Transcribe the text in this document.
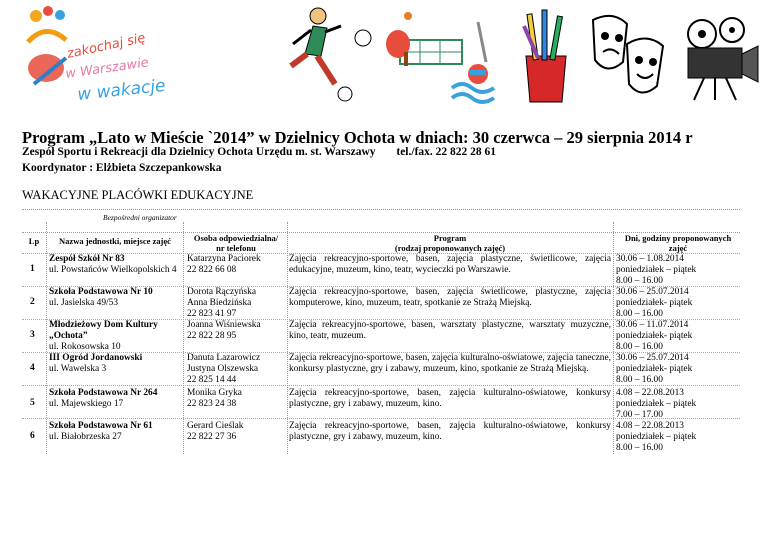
zakochaj się
w Warszawie
w wakacje
Program „Lato w Mieście `2014” w Dzielnicy Ochota w dniach: 30 czerwca – 29 sierpnia 2014 r
Zespół Sportu i Rekreacji dla Dzielnicy Ochota Urzędu m. st. Warszawy tel./fax. 22 822 28 61
Koordynator : Elżbieta Szczepankowska
WAKACYJNE PLACÓWKI EDUKACYJNE
Bezpośredni organizator
Lp	Nazwa jednostki, miejsce zajęć	Osoba odpowiedzialna/
nr telefonu
Program
(rodzaj proponowanych zajęć)
Dni, godziny proponowanych
zajęć
1
Zespół Szkół Nr 83
ul. Powstańców Wielkopolskich 4
Katarzyna Paciorek
22 822 66 08
Zajęcia rekreacyjno-sportowe, basen, zajęcia plastyczne, świetlicowe, zajęcia edukacyjne, muzeum, kino, teatr, wycieczki po Warszawie.
30.06 – 1.08.2014
poniedziałek – piątek
8.00 – 16.00
2
Szkoła Podstawowa Nr 10
ul. Jasielska 49/53
Dorota Rączyńska
Anna Biedzińska
22 823 41 97
Zajęcia rekreacyjno-sportowe, basen, zajęcia świetlicowe, plastyczne, zajęcia komputerowe, kino, muzeum, teatr, spotkanie ze Strażą Miejską.
30.06 – 25.07.2014
poniedziałek- piątek
8.00 – 16.00
3
Młodzieżowy Dom Kultury
„Ochota”
ul. Rokosowska 10
Joanna Wiśniewska
22 822 28 95
Zajęcia rekreacyjno-sportowe, basen, warsztaty plastyczne, warsztaty muzyczne, kino, teatr, muzeum.
30.06 – 11.07.2014
poniedziałek- piątek
8.00 – 16.00
4
III Ogród Jordanowski
ul. Wawelska 3
Danuta Lazarowicz
Justyna Olszewska
22 825 14 44
Zajęcia rekreacyjno-sportowe, basen, zajęcia kulturalno-oświatowe, zajęcia taneczne, konkursy plastyczne, gry i zabawy, muzeum, kino, spotkanie ze Strażą Miejską.
30.06 – 25.07.2014
poniedziałek- piątek
8.00 – 16.00
5
Szkoła Podstawowa Nr 264
ul. Majewskiego 17
Monika Gryka
22 823 24 38
Zajęcia rekreacyjno-sportowe, basen, zajęcia kulturalno-oświatowe, konkursy plastyczne, gry i zabawy, muzeum, kino.
4.08 – 22.08.2013
poniedziałek – piątek
7.00 – 17.00
6
Szkoła Podstawowa Nr 61
ul. Białobrzeska 27
Gerard Cieślak
22 822 27 36
Zajęcia rekreacyjno-sportowe, basen, zajęcia kulturalno-oświatowe, konkursy plastyczne, gry i zabawy, muzeum, kino.
4.08 – 22.08.2013
poniedziałek – piątek
8.00 – 16.00
